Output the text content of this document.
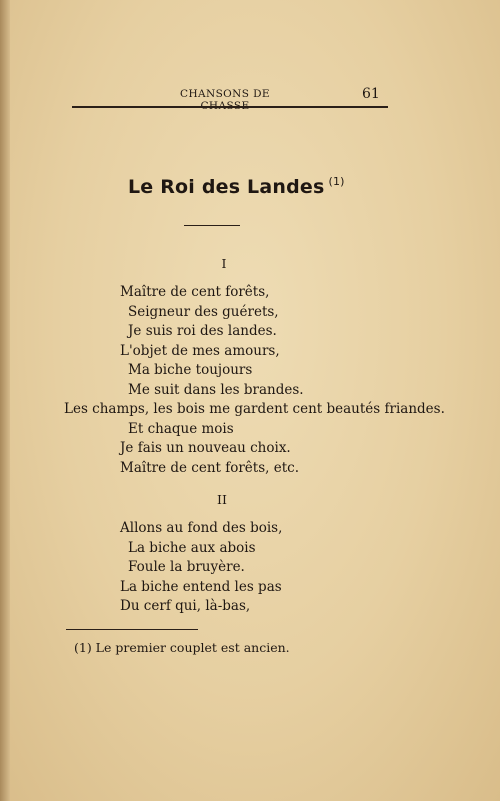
CHANSONS DE	61
Le Roi des Landes $^{(1)}$
I
Maître de cent forêts,
Seigneur des guérets,
Je suis roi des landes.
L'objet de mes amours,
Ma biche toujours
Me suit dans les brandes.
Les champs, les bois me gardent cent beautés friandes.
Et chaque mois
Je fais un nouveau choix.
Maître de cent forêts, etc.
II
Allons au fond des bois,
La biche aux abois
Foule la bruyère.
La biche entend les pas
Du cerf qui, là-bas,
(1) Le premier couplet est ancien.
